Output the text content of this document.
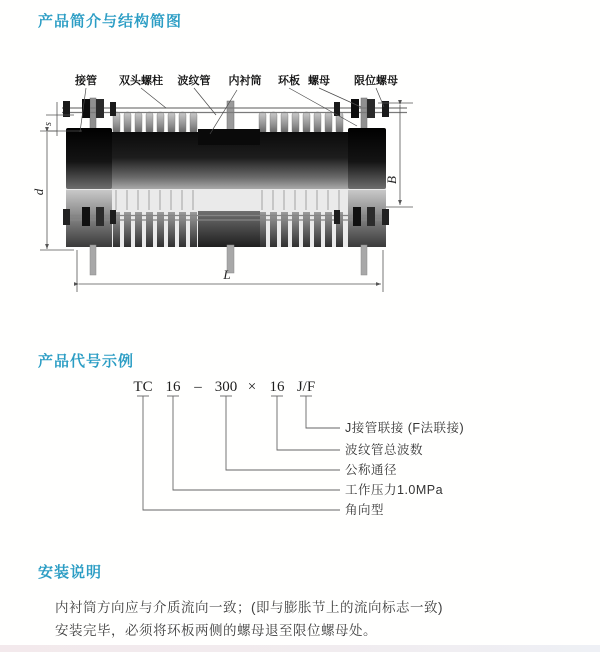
产品简介与结构简图
s
d
B
L
接管 双头螺柱 波纹管 内衬筒 环板 螺母 限位螺母
产品代号示例
TC 16 – 300 × 16 J/F
J接管联接 (F法联接)
波纹管总波数
公称通径
工作压力1.0MPa
角向型
安装说明
内衬筒方向应与介质流向一致；(即与膨胀节上的流向标志一致)
安装完毕，必须将环板两侧的螺母退至限位螺母处。
